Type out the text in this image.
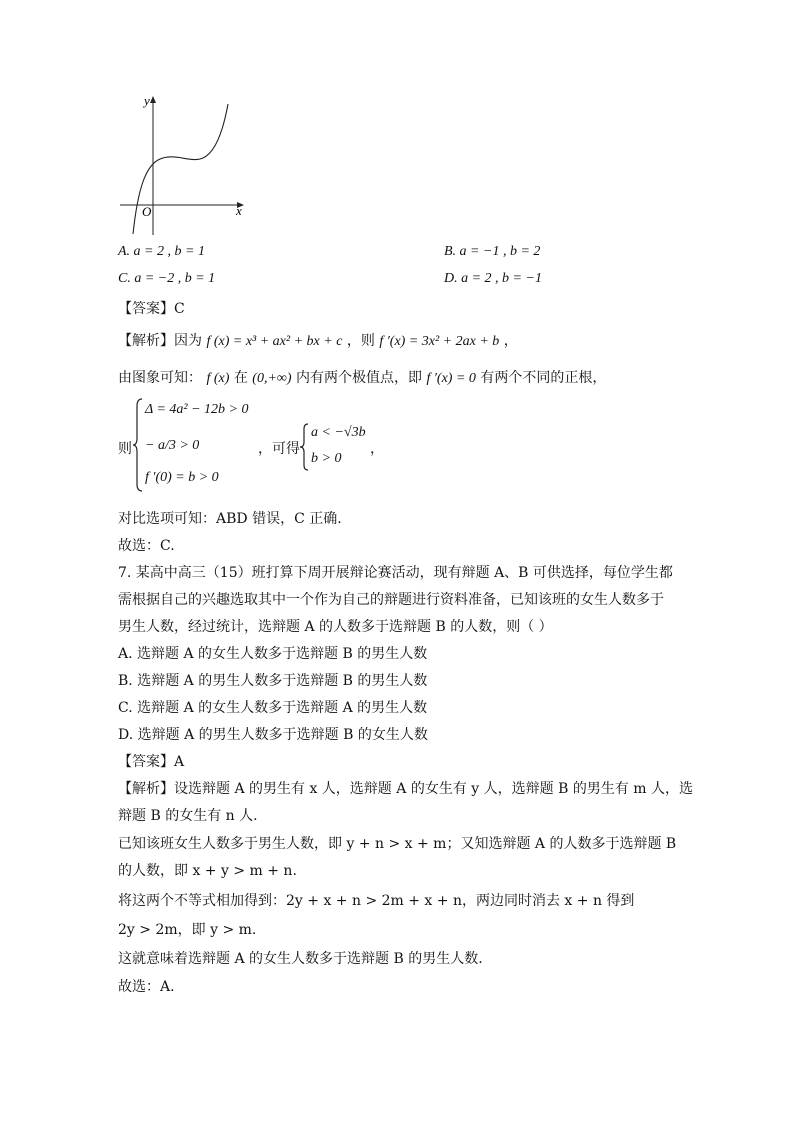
y
x
O
A. a = 2 , b = 1	B. a = −1 , b = 2
C. a = −2 , b = 1	D. a = 2 , b = −1
【答案】C
【解析】因为 f (x) = x³ + ax² + bx + c ，则 f ′(x) = 3x² + 2ax + b ，
由图象可知： f (x) 在 (0,+∞) 内有两个极值点，即 f ′(x) = 0 有两个不同的正根，
则
Δ = 4a² − 12b > 0
− a/3 > 0
f ′(0) = b > 0
，可得
a < −√3b
b > 0
，
对比选项可知：ABD 错误，C 正确.
故选：C.
7. 某高中高三（15）班打算下周开展辩论赛活动，现有辩题 A、B 可供选择，每位学生都
需根据自己的兴趣选取其中一个作为自己的辩题进行资料准备，已知该班的女生人数多于
男生人数，经过统计，选辩题 A 的人数多于选辩题 B 的人数，则（ ）
A. 选辩题 A 的女生人数多于选辩题 B 的男生人数
B. 选辩题 A 的男生人数多于选辩题 B 的男生人数
C. 选辩题 A 的女生人数多于选辩题 A 的男生人数
D. 选辩题 A 的男生人数多于选辩题 B 的女生人数
【答案】A
【解析】设选辩题 A 的男生有 x 人，选辩题 A 的女生有 y 人，选辩题 B 的男生有 m 人，选
辩题 B 的女生有 n 人.
已知该班女生人数多于男生人数，即 y + n > x + m；又知选辩题 A 的人数多于选辩题 B
的人数，即 x + y > m + n.
将这两个不等式相加得到：2y + x + n > 2m + x + n，两边同时消去 x + n 得到
2y > 2m，即 y > m.
这就意味着选辩题 A 的女生人数多于选辩题 B 的男生人数.
故选：A.
